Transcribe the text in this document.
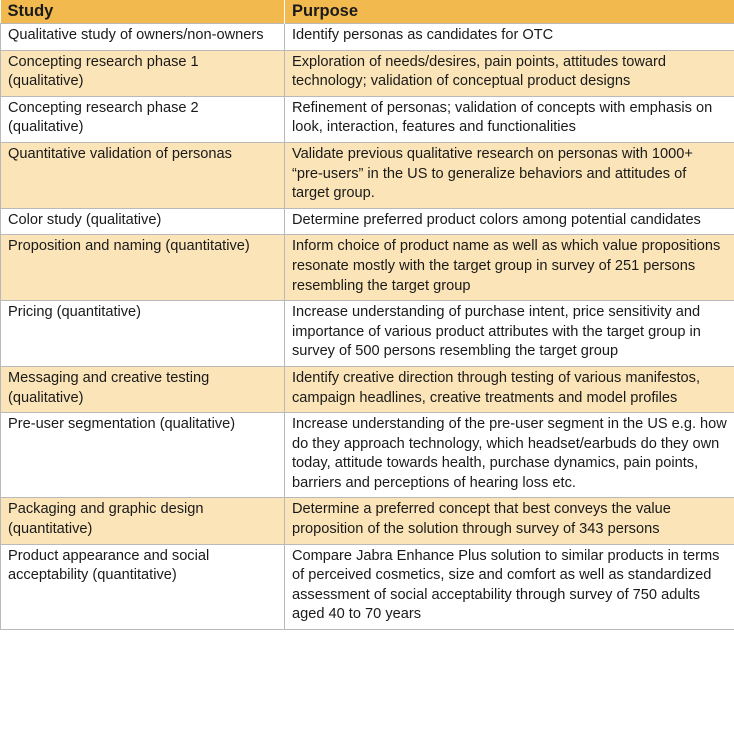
Study	Purpose
Qualitative study of owners/non-owners	Identify personas as candidates for OTC
Concepting research phase 1 (qualitative)	Exploration of needs/desires, pain points, attitudes toward technology; validation of conceptual product designs
Concepting research phase 2 (qualitative)	Refinement of personas; validation of concepts with emphasis on look, interaction, features and functionalities
Quantitative validation of personas	Validate previous qualitative research on personas with 1000+ “pre-users” in the US to generalize behaviors and attitudes of target group.
Color study (qualitative)	Determine preferred product colors among potential candidates
Proposition and naming (quantitative)	Inform choice of product name as well as which value propositions resonate mostly with the target group in survey of 251 persons resembling the target group
Pricing (quantitative)	Increase understanding of purchase intent, price sensitivity and importance of various product attributes with the target group in survey of 500 persons resembling the target group
Messaging and creative testing (qualitative)	Identify creative direction through testing of various manifestos, campaign headlines, creative treatments and model profiles
Pre-user segmentation (qualitative)	Increase understanding of the pre-user segment in the US e.g. how do they approach technology, which headset/earbuds do they own today, attitude towards health, purchase dynamics, pain points, barriers and perceptions of hearing loss etc.
Packaging and graphic design (quantitative)	Determine a preferred concept that best conveys the value proposition of the solution through survey of 343 persons
Product appearance and social acceptability (quantitative)	Compare Jabra Enhance Plus solution to similar products in terms of perceived cosmetics, size and comfort as well as standardized assessment of social acceptability through survey of 750 adults aged 40 to 70 years
